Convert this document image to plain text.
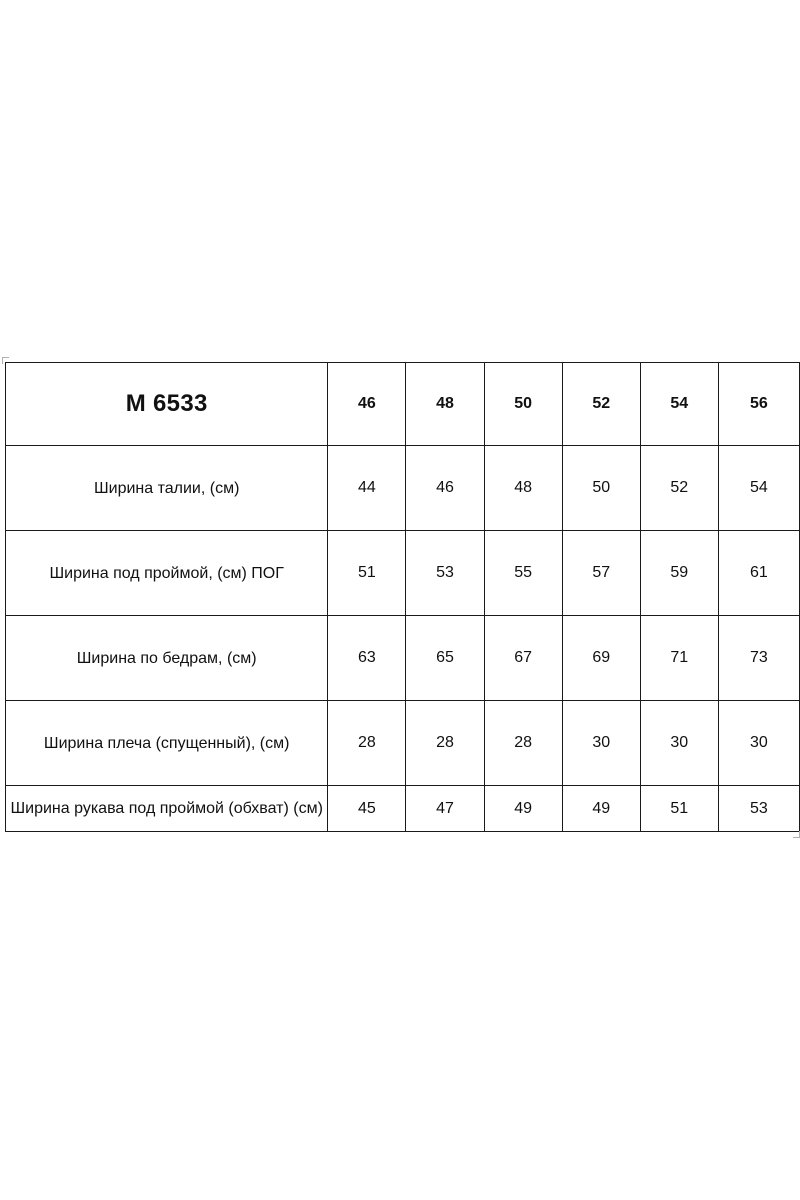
М 6533	46	48	50	52	54	56
Ширина талии, (см)	44	46	48	50	52	54
Ширина под проймой, (см) ПОГ	51	53	55	57	59	61
Ширина по бедрам, (см)	63	65	67	69	71	73
Ширина плеча (спущенный), (см)	28	28	28	30	30	30
Ширина рукава под проймой (обхват) (см)	45	47	49	49	51	53
